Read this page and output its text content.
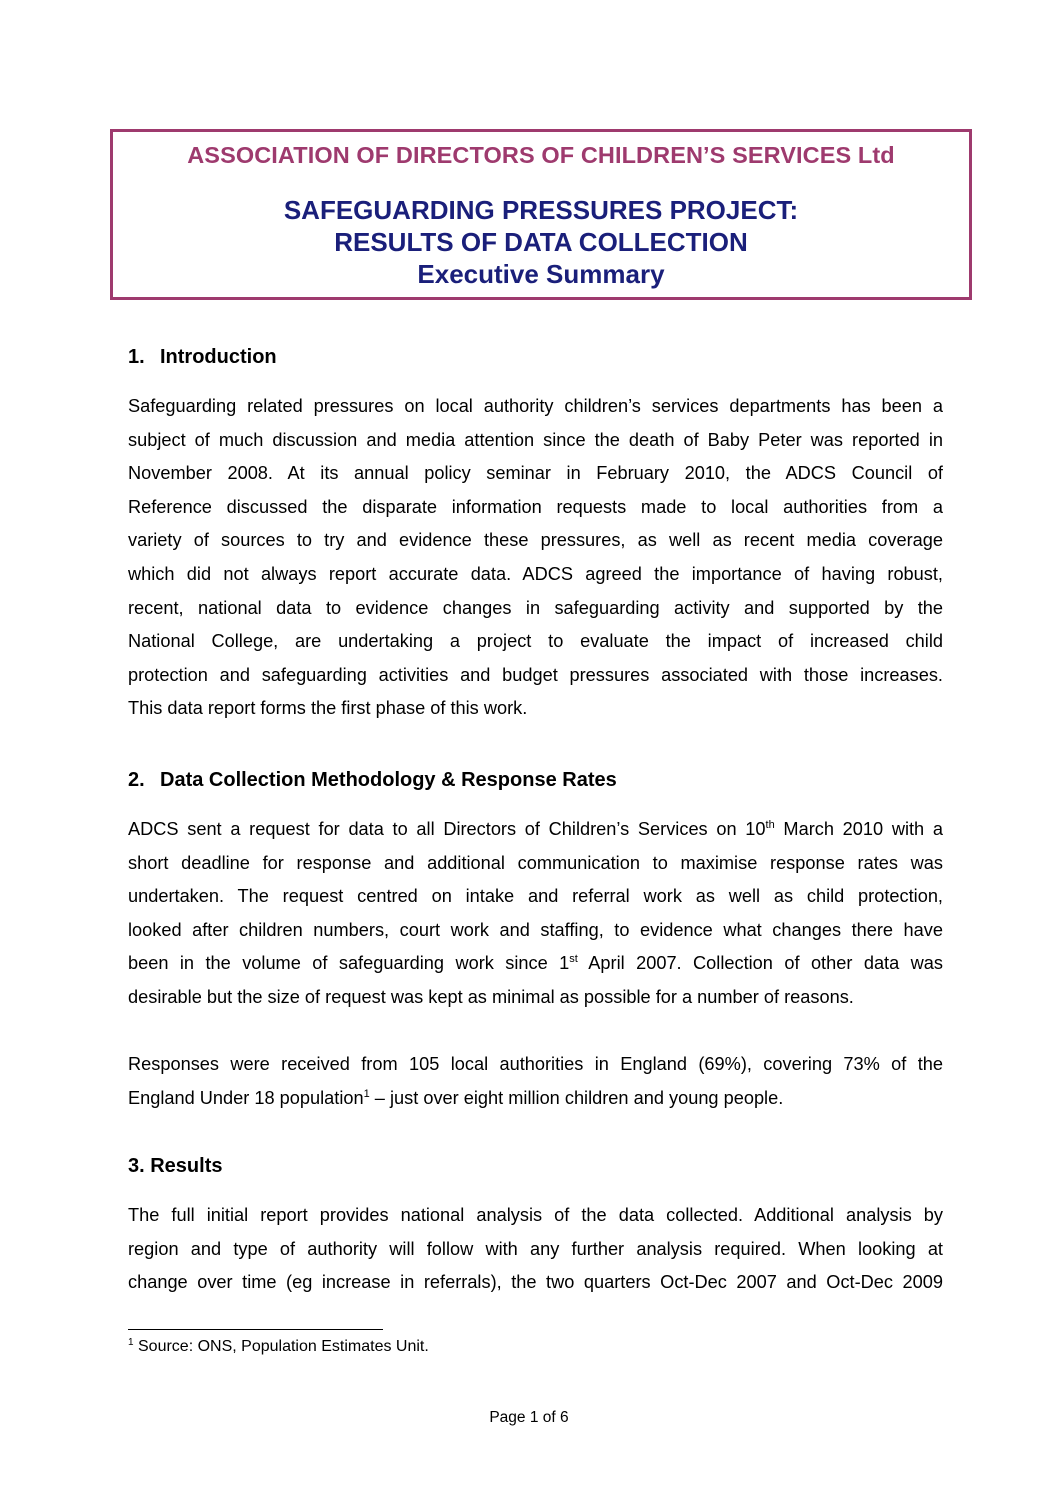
ASSOCIATION OF DIRECTORS OF CHILDREN’S SERVICES Ltd
SAFEGUARDING PRESSURES PROJECT:
RESULTS OF DATA COLLECTION
Executive Summary
1. Introduction
Safeguarding related pressures on local authority children’s services departments has been a
subject of much discussion and media attention since the death of Baby Peter was reported in
November 2008. At its annual policy seminar in February 2010, the ADCS Council of
Reference discussed the disparate information requests made to local authorities from a
variety of sources to try and evidence these pressures, as well as recent media coverage
which did not always report accurate data. ADCS agreed the importance of having robust,
recent, national data to evidence changes in safeguarding activity and supported by the
National College, are undertaking a project to evaluate the impact of increased child
protection and safeguarding activities and budget pressures associated with those increases.
This data report forms the first phase of this work.
2. Data Collection Methodology & Response Rates
ADCS sent a request for data to all Directors of Children’s Services on 10th March 2010 with a
short deadline for response and additional communication to maximise response rates was
undertaken. The request centred on intake and referral work as well as child protection,
looked after children numbers, court work and staffing, to evidence what changes there have
been in the volume of safeguarding work since 1st April 2007. Collection of other data was
desirable but the size of request was kept as minimal as possible for a number of reasons.
Responses were received from 105 local authorities in England (69%), covering 73% of the
England Under 18 population$^1$ – just over eight million children and young people.
3. Results
The full initial report provides national analysis of the data collected. Additional analysis by
region and type of authority will follow with any further analysis required. When looking at
change over time (eg increase in referrals), the two quarters Oct-Dec 2007 and Oct-Dec 2009
$^1$ Source: ONS, Population Estimates Unit.
Page 1 of 6
